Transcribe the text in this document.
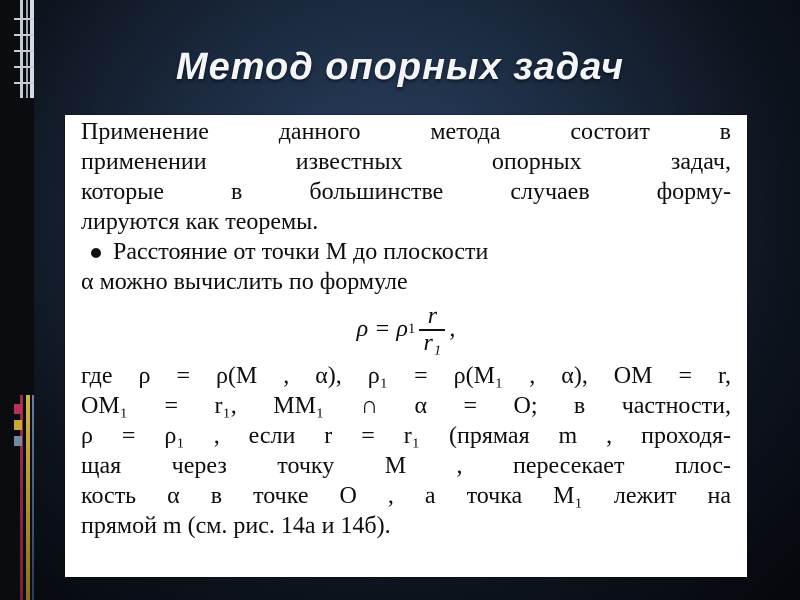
Метод опорных задач
Применение данного метода состоит в
применении известных опорных задач,
которые в большинстве случаев форму-
лируются как теоремы.
Расстояние от точки M до плоскости
α можно вычислить по формуле
ρ = ρ $1 \frac{r}{\text{r₁}}$ ,
где ρ = ρ(M , α), ρ₁ = ρ(M₁ , α), OM = r,
OM₁ = r₁, MM₁ ∩ α = O; в частности,
ρ = ρ₁ , если r = r₁ (прямая m , проходя-
щая через точку M , пересекает плос-
кость α в точке O , а точка M₁ лежит на
прямой m (см. рис. 14а и 14б).
